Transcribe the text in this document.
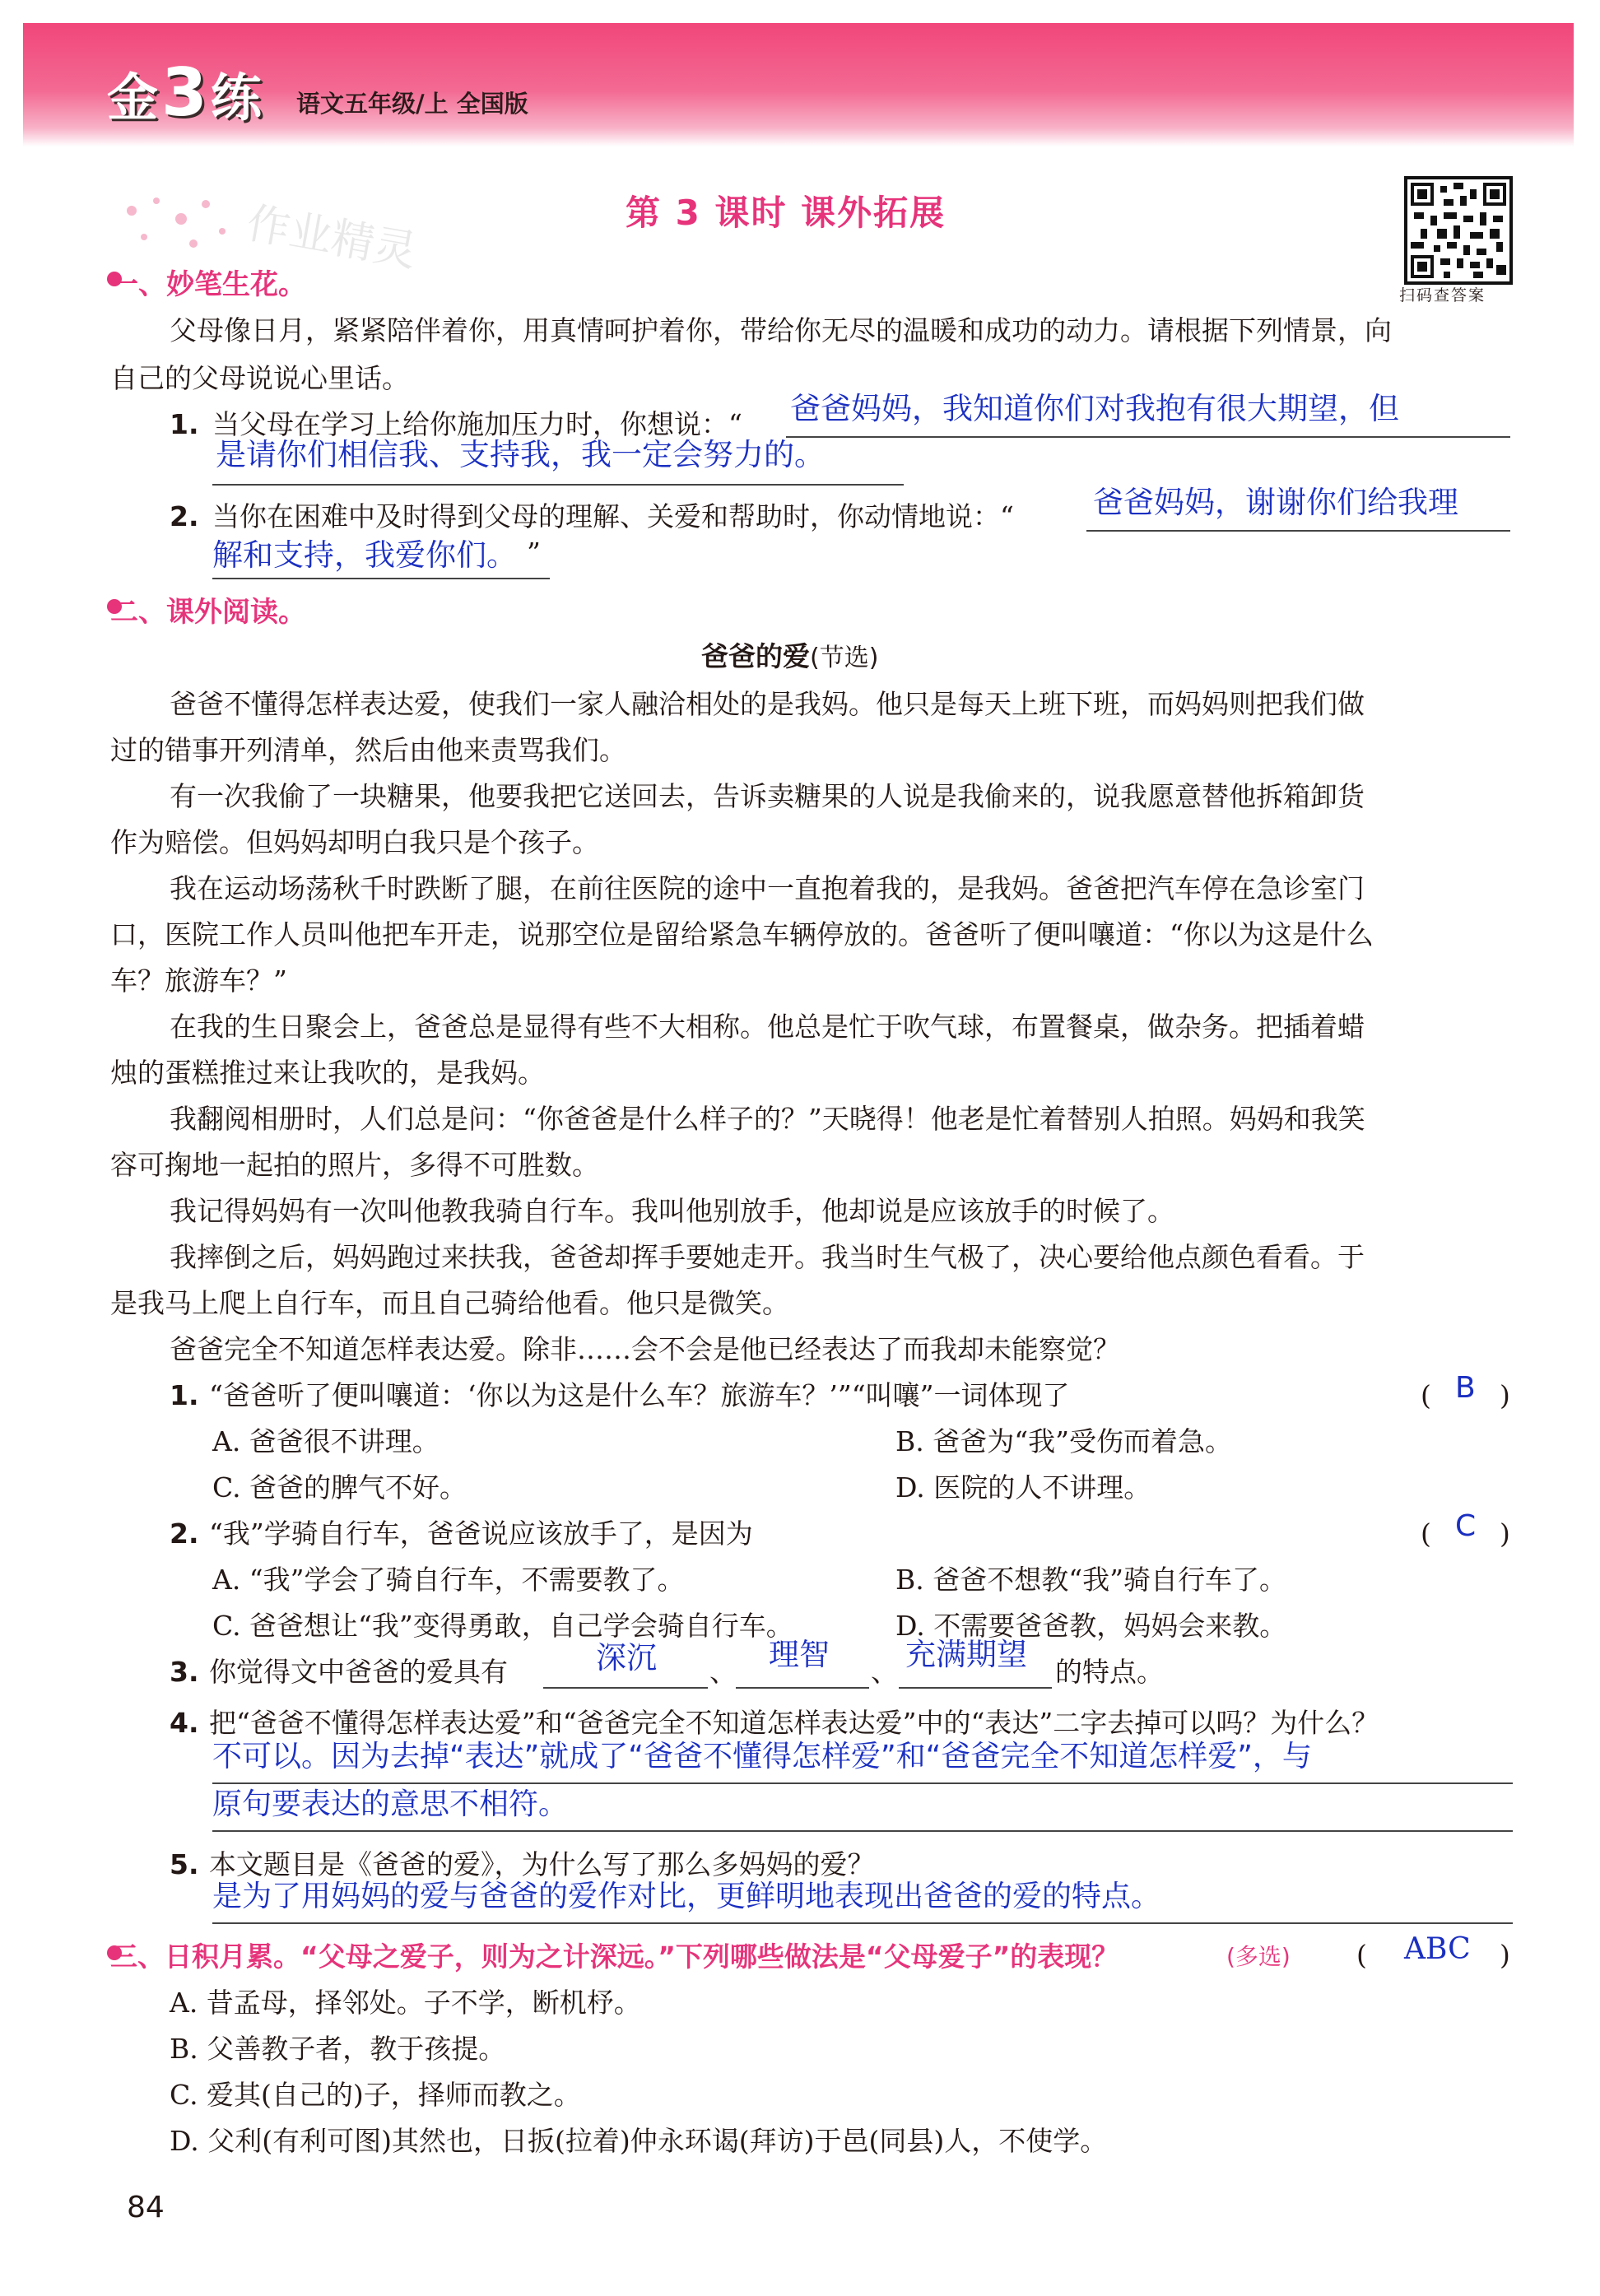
金3练 语文五年级/上 全国版
作业精灵	第 3 课时 课外拓展
扫码查答案
一、妙笔生花。
父母像日月，紧紧陪伴着你，用真情呵护着你，带给你无尽的温暖和成功的动力。请根据下列情景，向
自己的父母说说心里话。
1. 当父母在学习上给你施加压力时，你想说：“ 爸爸妈妈，我知道你们对我抱有很大期望，但
是请你们相信我、支持我，我一定会努力的。
2. 当你在困难中及时得到父母的理解、关爱和帮助时，你动情地说：“	爸爸妈妈，谢谢你们给我理
解和支持，我爱你们。 ”
二、课外阅读。
爸爸的爱(节选)
爸爸不懂得怎样表达爱，使我们一家人融洽相处的是我妈。他只是每天上班下班，而妈妈则把我们做
过的错事开列清单，然后由他来责骂我们。
有一次我偷了一块糖果，他要我把它送回去，告诉卖糖果的人说是我偷来的，说我愿意替他拆箱卸货
作为赔偿。但妈妈却明白我只是个孩子。
我在运动场荡秋千时跌断了腿，在前往医院的途中一直抱着我的，是我妈。爸爸把汽车停在急诊室门
口，医院工作人员叫他把车开走，说那空位是留给紧急车辆停放的。爸爸听了便叫嚷道：“你以为这是什么
车？旅游车？”
在我的生日聚会上，爸爸总是显得有些不大相称。他总是忙于吹气球，布置餐桌，做杂务。把插着蜡
烛的蛋糕推过来让我吹的，是我妈。
我翻阅相册时，人们总是问：“你爸爸是什么样子的？”天晓得！他老是忙着替别人拍照。妈妈和我笑
容可掬地一起拍的照片，多得不可胜数。
我记得妈妈有一次叫他教我骑自行车。我叫他别放手，他却说是应该放手的时候了。
我摔倒之后，妈妈跑过来扶我，爸爸却挥手要她走开。我当时生气极了，决心要给他点颜色看看。于
是我马上爬上自行车，而且自己骑给他看。他只是微笑。
爸爸完全不知道怎样表达爱。除非……会不会是他已经表达了而我却未能察觉？
1. “爸爸听了便叫嚷道：‘你以为这是什么车？旅游车？’”“叫嚷”一词体现了	( B )
A. 爸爸很不讲理。	B. 爸爸为“我”受伤而着急。
C. 爸爸的脾气不好。	D. 医院的人不讲理。
2. “我”学骑自行车，爸爸说应该放手了，是因为	( C )
A. “我”学会了骑自行车，不需要教了。	B. 爸爸不想教“我”骑自行车了。
C. 爸爸想让“我”变得勇敢，自己学会骑自行车。	D. 不需要爸爸教，妈妈会来教。
3. 你觉得文中爸爸的爱具有	深沉 、 理智 、 充满期望 的特点。
4. 把“爸爸不懂得怎样表达爱”和“爸爸完全不知道怎样表达爱”中的“表达”二字去掉可以吗？为什么？
不可以。因为去掉“表达”就成了“爸爸不懂得怎样爱”和“爸爸完全不知道怎样爱”，与
原句要表达的意思不相符。
5. 本文题目是《爸爸的爱》，为什么写了那么多妈妈的爱？
是为了用妈妈的爱与爸爸的爱作对比，更鲜明地表现出爸爸的爱的特点。
三、日积月累。“父母之爱子，则为之计深远。”下列哪些做法是“父母爱子”的表现？	(多选) ( ABC )
A. 昔孟母，择邻处。子不学，断机杼。
B. 父善教子者，教于孩提。
C. 爱其(自己的)子，择师而教之。
D. 父利(有利可图)其然也，日扳(拉着)仲永环谒(拜访)于邑(同县)人，不使学。
84
